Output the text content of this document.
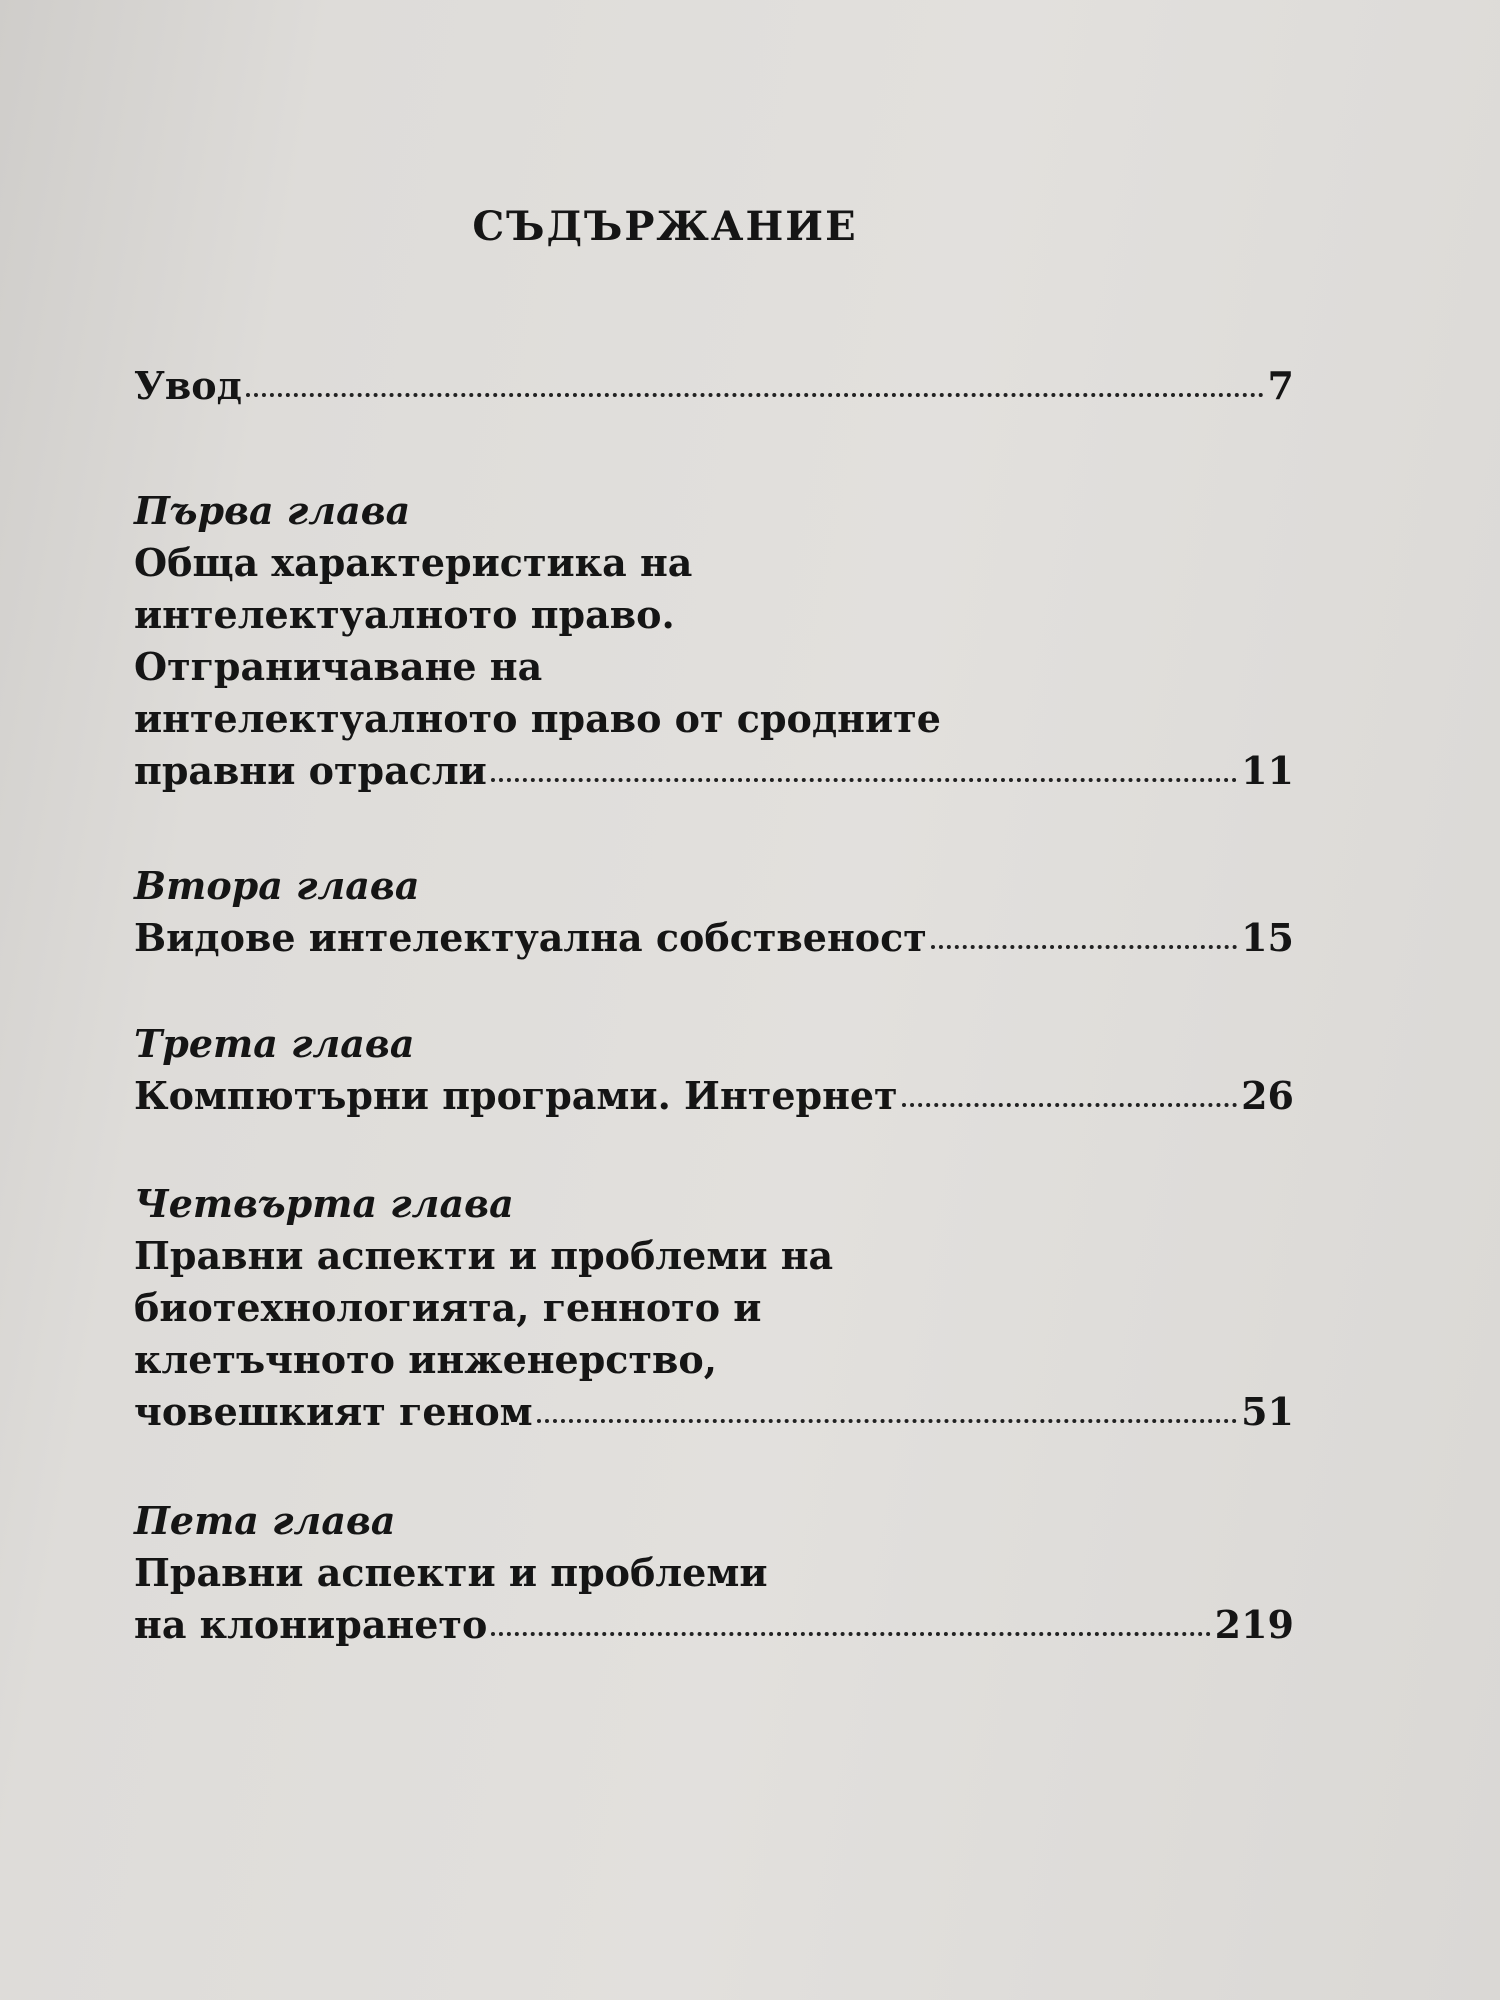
СЪДЪРЖАНИЕ
Увод	7
Първа глава
Обща характеристика на
интелектуалното право.
Отграничаване на
интелектуалното право от сродните
правни отрасли	11
Втора глава
Видове интелектуална собственост	15
Трета глава
Компютърни програми. Интернет	26
Четвърта глава
Правни аспекти и проблеми на
биотехнологията, генното и
клетъчното инженерство,
човешкият геном	51
Пета глава
Правни аспекти и проблеми
на клонирането	219
